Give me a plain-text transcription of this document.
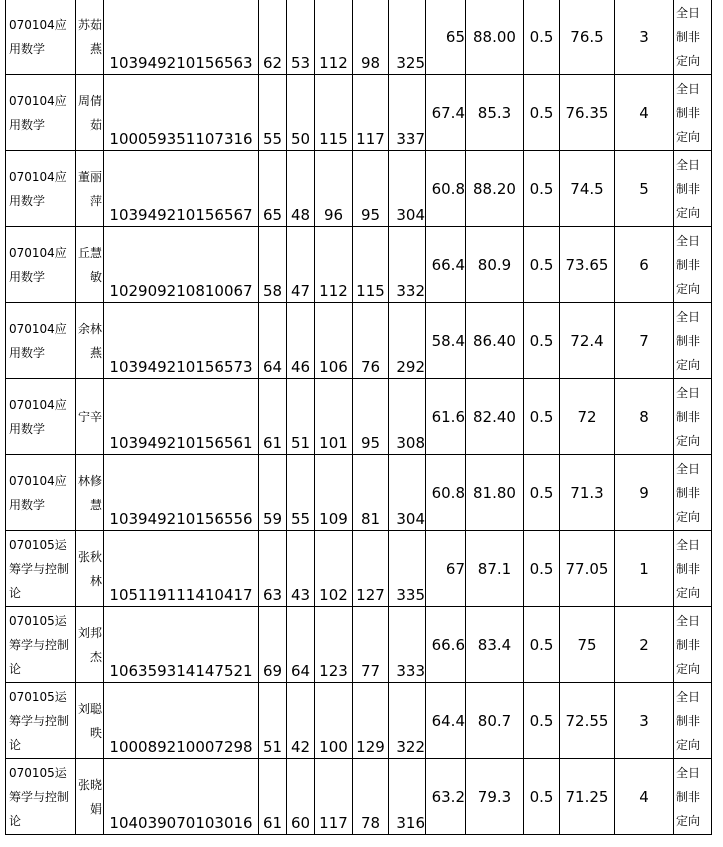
070104应用数学	苏茹燕	103949210156563	62	53	112	98	325	65	88.00	0.5	76.5	3	全日制非定向
070104应用数学	周倩茹	100059351107316	55	50	115	117	337	67.4	85.3	0.5	76.35	4	全日制非定向
070104应用数学	董丽萍	103949210156567	65	48	96	95	304	60.8	88.20	0.5	74.5	5	全日制非定向
070104应用数学	丘慧敏	102909210810067	58	47	112	115	332	66.4	80.9	0.5	73.65	6	全日制非定向
070104应用数学	余林燕	103949210156573	64	46	106	76	292	58.4	86.40	0.5	72.4	7	全日制非定向
070104应用数学	宁辛	103949210156561	61	51	101	95	308	61.6	82.40	0.5	72	8	全日制非定向
070104应用数学	林修慧	103949210156556	59	55	109	81	304	60.8	81.80	0.5	71.3	9	全日制非定向
070105运筹学与控制论	张秋林	105119111410417	63	43	102	127	335	67	87.1	0.5	77.05	1	全日制非定向
070105运筹学与控制论	刘邦杰	106359314147521	69	64	123	77	333	66.6	83.4	0.5	75	2	全日制非定向
070105运筹学与控制论	刘聪昳	100089210007298	51	42	100	129	322	64.4	80.7	0.5	72.55	3	全日制非定向
070105运筹学与控制论	张晓娟	104039070103016	61	60	117	78	316	63.2	79.3	0.5	71.25	4	全日制非定向
